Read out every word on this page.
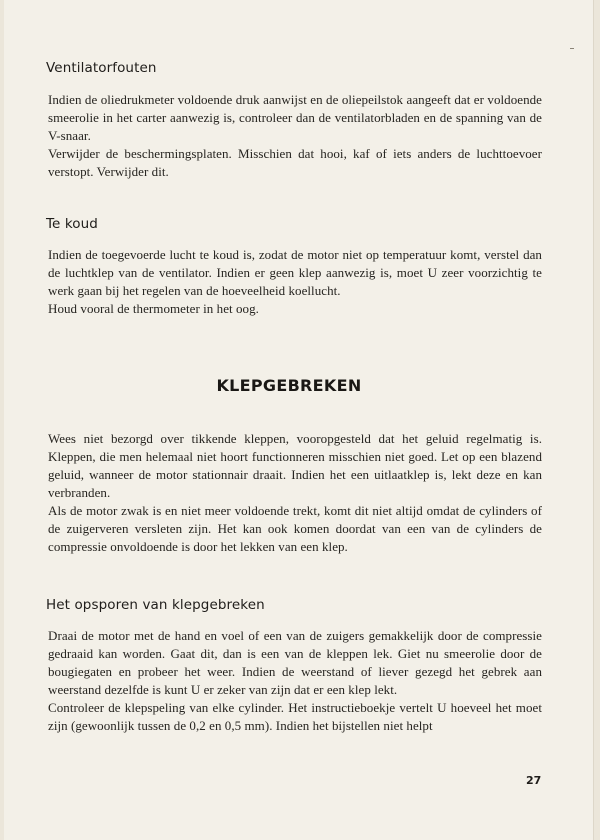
Ventilatorfouten

Indien de oliedrukmeter voldoende druk aanwijst en de oliepeilstok aangeeft dat er voldoende smeerolie in het carter aanwezig is, controleer dan de ventilatorbladen en de spanning van de V-snaar.

Verwijder de beschermingsplaten. Misschien dat hooi, kaf of iets anders de luchttoevoer verstopt. Verwijder dit.

Te koud

Indien de toegevoerde lucht te koud is, zodat de motor niet op temperatuur komt, verstel dan de luchtklep van de ventilator. Indien er geen klep aanwezig is, moet U zeer voorzichtig te werk gaan bij het regelen van de hoeveelheid koellucht.

Houd vooral de thermometer in het oog.

KLEPGEBREKEN

Wees niet bezorgd over tikkende kleppen, vooropgesteld dat het geluid regelmatig is. Kleppen, die men helemaal niet hoort functionneren misschien niet goed. Let op een blazend geluid, wanneer de motor stationnair draait. Indien het een uitlaatklep is, lekt deze en kan verbranden.

Als de motor zwak is en niet meer voldoende trekt, komt dit niet altijd omdat de cylinders of de zuigerveren versleten zijn. Het kan ook komen doordat van een van de cylinders de compressie onvoldoende is door het lekken van een klep.

Het opsporen van klepgebreken

Draai de motor met de hand en voel of een van de zuigers gemakkelijk door de compressie gedraaid kan worden. Gaat dit, dan is een van de kleppen lek. Giet nu smeerolie door de bougiegaten en probeer het weer. Indien de weerstand of liever gezegd het gebrek aan weerstand dezelfde is kunt U er zeker van zijn dat er een klep lekt.

Controleer de klepspeling van elke cylinder. Het instructieboekje vertelt U hoeveel het moet zijn (gewoonlijk tussen de 0,2 en 0,5 mm). Indien het bijstellen niet helpt

27
